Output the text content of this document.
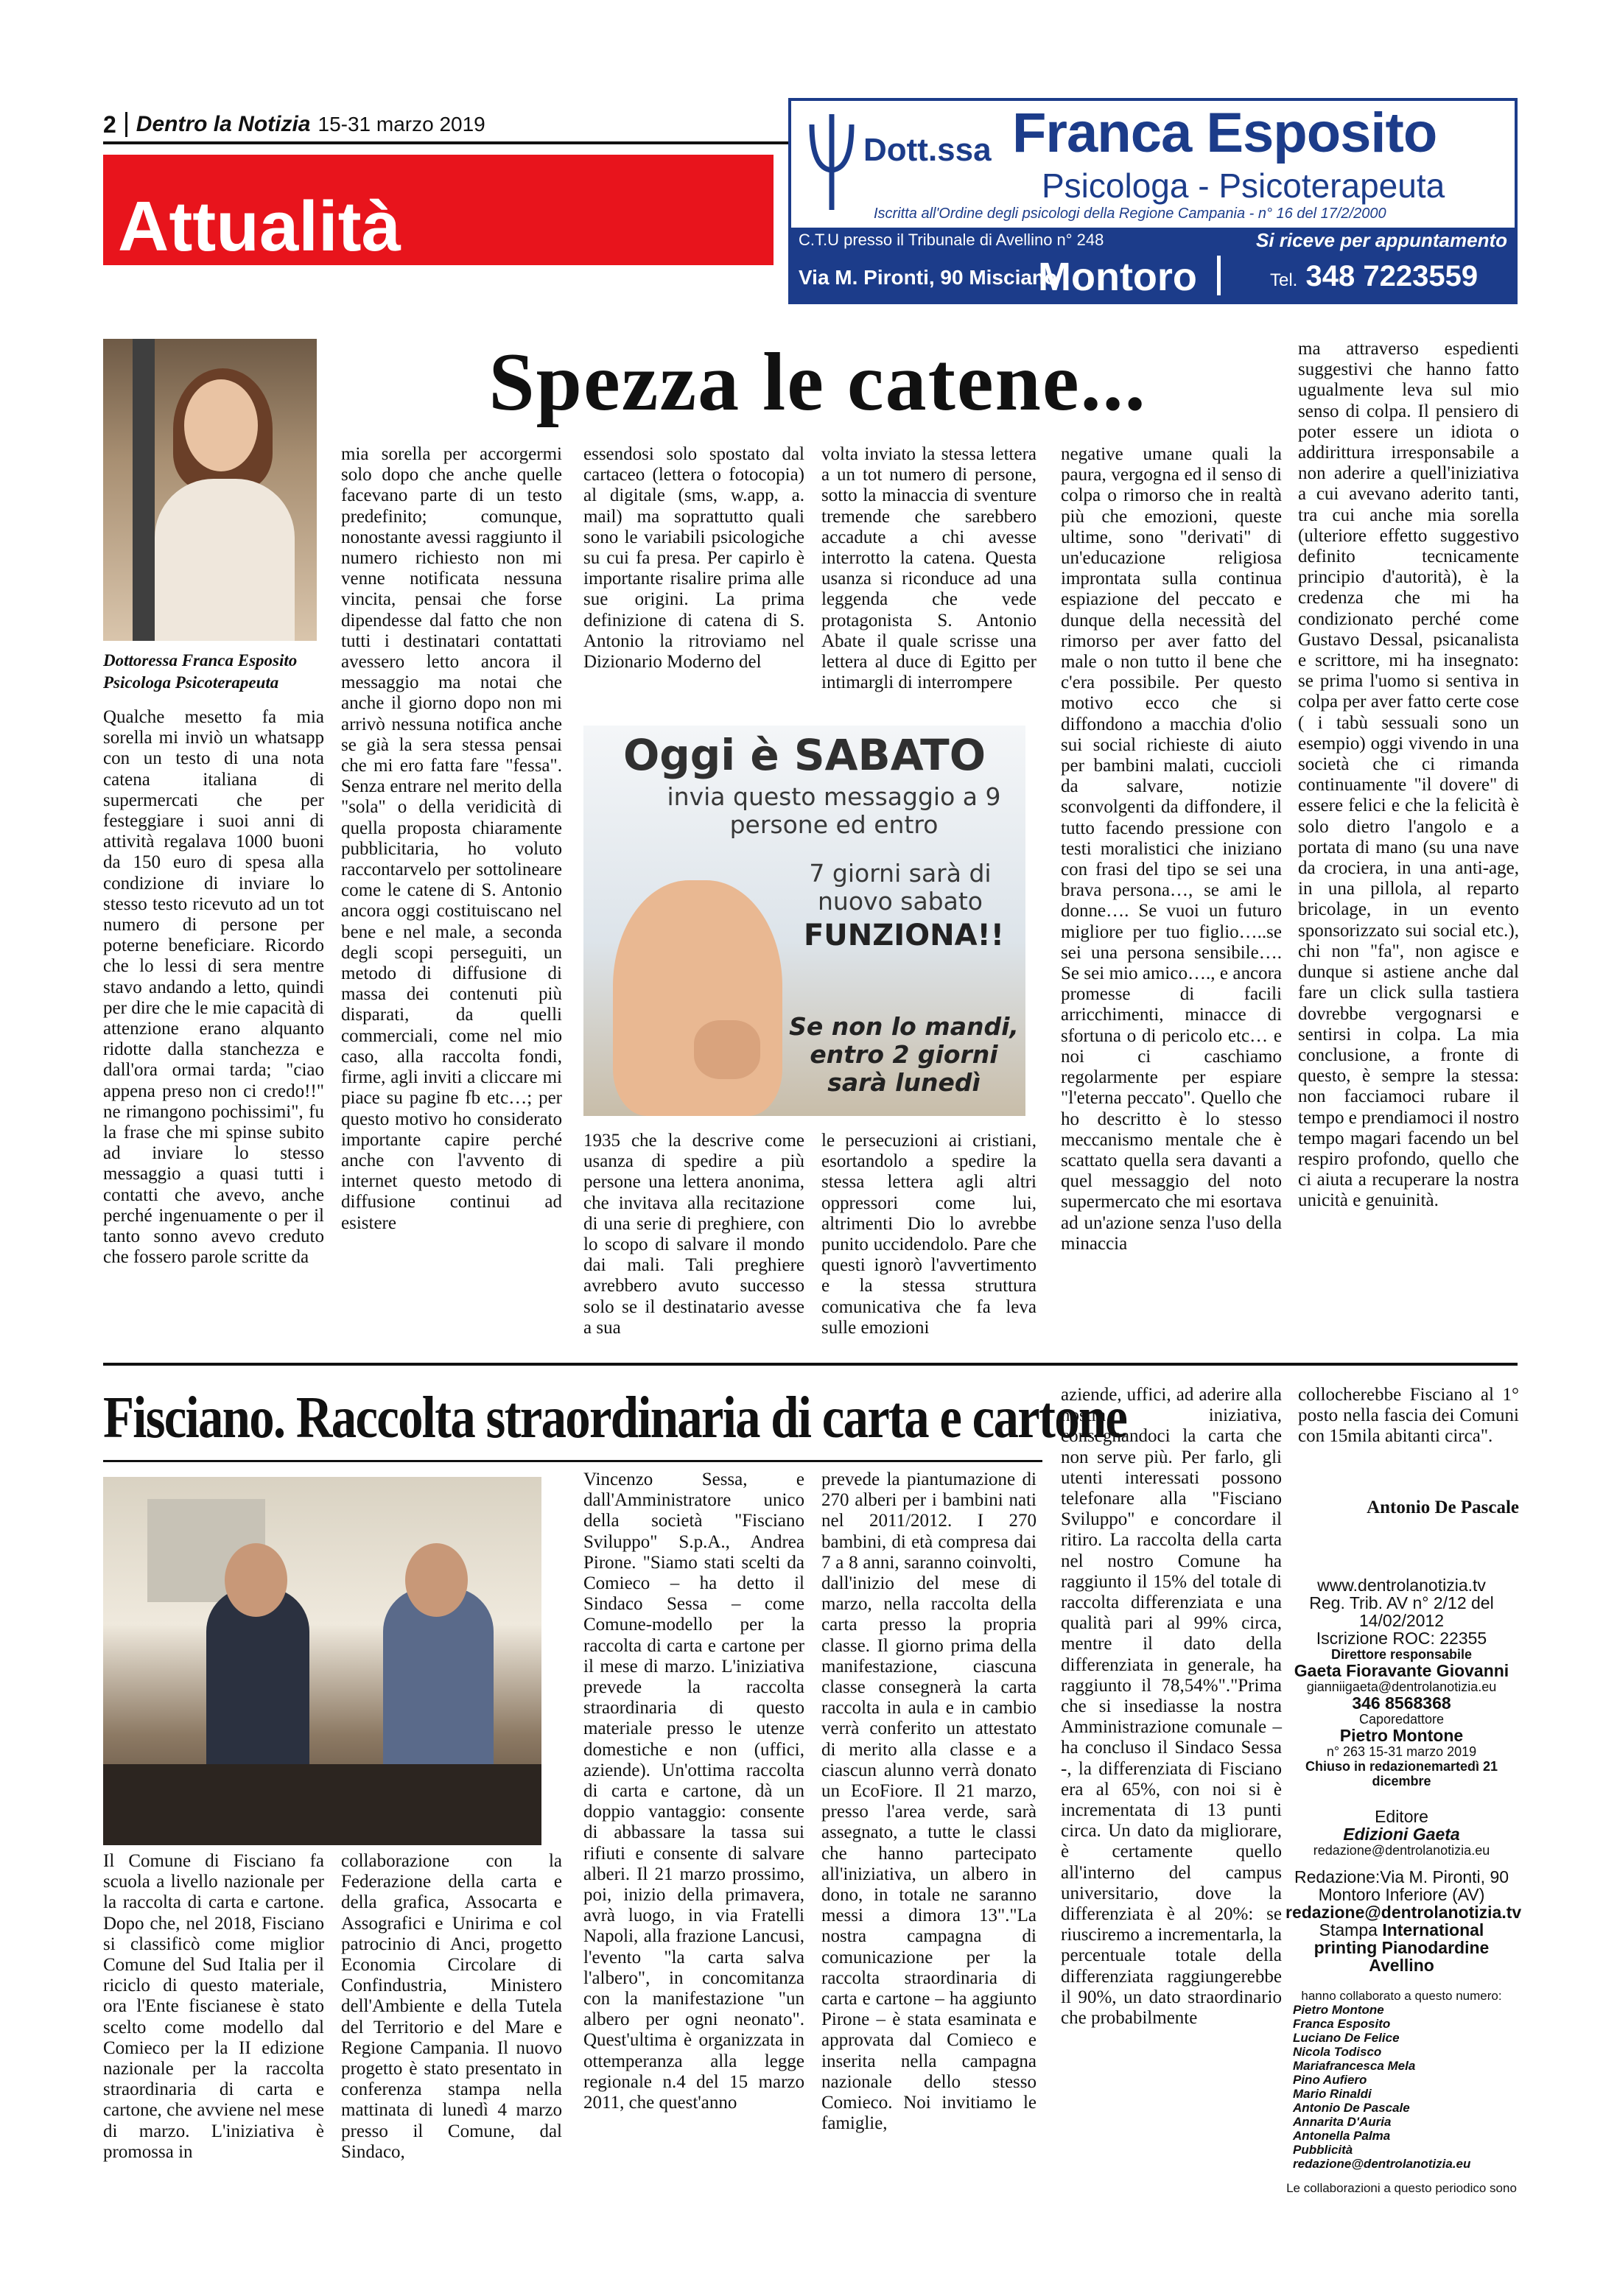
2 Dentro la Notizia 15-31 marzo 2019
Attualità
Dott.ssa Franca Esposito
Psicologa - Psicoterapeuta
Iscritta all'Ordine degli psicologi della Regione Campania - n° 16 del 17/2/2000
C.T.U presso il Tribunale di Avellino n° 248	Si riceve per appuntamento
Via M. Pironti, 90 Misciano
Montoro	Tel. 348 7223559
Dottoressa Franca Esposito
Psicologa Psicoterapeuta
Spezza le catene...
Qualche mesetto fa mia sorella mi inviò un whatsapp con un testo di una nota catena italiana di supermercati che per festeggiare i suoi anni di attività regalava 1000 buoni da 150 euro di spesa alla condizione di inviare lo stesso testo ricevuto ad un tot numero di persone per poterne beneficiare. Ricordo che lo lessi di sera mentre stavo andando a letto, quindi per dire che le mie capacità di attenzione erano alquanto ridotte dalla stanchezza e dall'ora ormai tarda; "ciao appena preso non ci credo!!" ne rimangono pochissimi", fu la frase che mi spinse subito ad inviare lo stesso messaggio a quasi tutti i contatti che avevo, anche perché ingenuamente o per il tanto sonno avevo creduto che fossero parole scritte da
mia sorella per accorgermi solo dopo che anche quelle facevano parte di un testo predefinito; comunque, nonostante avessi raggiunto il numero richiesto non mi venne notificata nessuna vincita, pensai che forse dipendesse dal fatto che non tutti i destinatari contattati avessero letto ancora il messaggio ma notai che anche il giorno dopo non mi arrivò nessuna notifica anche se già la sera stessa pensai che mi ero fatta fare "fessa". Senza entrare nel merito della "sola" o della veridicità di quella proposta chiaramente pubblicitaria, ho voluto raccontarvelo per sottolineare come le catene di S. Antonio ancora oggi costituiscano nel bene e nel male, a seconda degli scopi perseguiti, un metodo di diffusione di massa dei contenuti più disparati, da quelli commerciali, come nel mio caso, alla raccolta fondi, firme, agli inviti a cliccare mi piace su pagine fb etc…; per questo motivo ho considerato importante capire perché anche con l'avvento di internet questo metodo di diffusione continui ad esistere
essendosi solo spostato dal cartaceo (lettera o fotocopia) al digitale (sms, w.app, a. mail) ma soprattutto quali sono le variabili psicologiche su cui fa presa. Per capirlo è importante risalire prima alle sue origini. La prima definizione di catena di S. Antonio la ritroviamo nel Dizionario Moderno del
volta inviato la stessa lettera a un tot numero di persone, sotto la minaccia di sventure tremende che sarebbero accadute a chi avesse interrotto la catena. Questa usanza si riconduce ad una leggenda che vede protagonista S. Antonio Abate il quale scrisse una lettera al duce di Egitto per intimargli di interrompere
Oggi è SABATO
invia questo messaggio a 9 persone ed entro
7 giorni sarà di nuovo sabato
FUNZIONA!!
Se non lo mandi, entro 2 giorni sarà lunedì
1935 che la descrive come usanza di spedire a più persone una lettera anonima, che invitava alla recitazione di una serie di preghiere, con lo scopo di salvare il mondo dai mali. Tali preghiere avrebbero avuto successo solo se il destinatario avesse a sua
le persecuzioni ai cristiani, esortandolo a spedire la stessa lettera agli altri oppressori come lui, altrimenti Dio lo avrebbe punito uccidendolo. Pare che questi ignorò l'avvertimento e la stessa struttura comunicativa che fa leva sulle emozioni
negative umane quali la paura, vergogna ed il senso di colpa o rimorso che in realtà più che emozioni, queste ultime, sono "derivati" di un'educazione religiosa improntata sulla continua espiazione del peccato e dunque della necessità del rimorso per aver fatto del male o non tutto il bene che c'era possibile. Per questo motivo ecco che si diffondono a macchia d'olio sui social richieste di aiuto per bambini malati, cuccioli da salvare, notizie sconvolgenti da diffondere, il tutto facendo pressione con testi moralistici che iniziano con frasi del tipo se sei una brava persona…, se ami le donne…. Se vuoi un futuro migliore per tuo figlio…..se sei una persona sensibile…. Se sei mio amico…., e ancora promesse di facili arricchimenti, minacce di sfortuna o di pericolo etc… e noi ci caschiamo regolarmente per espiare "l'eterna peccato". Quello che ho descritto è lo stesso meccanismo mentale che è scattato quella sera davanti a quel messaggio del noto supermercato che mi esortava ad un'azione senza l'uso della minaccia
ma attraverso espedienti suggestivi che hanno fatto ugualmente leva sul mio senso di colpa. Il pensiero di poter essere un idiota o addirittura irresponsabile a non aderire a quell'iniziativa a cui avevano aderito tanti, tra cui anche mia sorella (ulteriore effetto suggestivo definito tecnicamente principio d'autorità), è la credenza che mi ha condizionato perché come Gustavo Dessal, psicanalista e scrittore, mi ha insegnato: se prima l'uomo si sentiva in colpa per aver fatto certe cose ( i tabù sessuali sono un esempio) oggi vivendo in una società che ci rimanda continuamente "il dovere" di essere felici e che la felicità è solo dietro l'angolo e a portata di mano (su una nave da crociera, in una anti-age, in una pillola, al reparto bricolage, in un evento sponsorizzato sui social etc.), chi non "fa", non agisce e dunque si astiene anche dal fare un click sulla tastiera dovrebbe vergognarsi e sentirsi in colpa. La mia conclusione, a fronte di questo, è sempre la stessa: non facciamoci rubare il tempo e prendiamoci il nostro tempo magari facendo un bel respiro profondo, quello che ci aiuta a recuperare la nostra unicità e genuinità.
Fisciano. Raccolta straordinaria di carta e cartone
Il Comune di Fisciano fa scuola a livello nazionale per la raccolta di carta e cartone. Dopo che, nel 2018, Fisciano si classificò come miglior Comune del Sud Italia per il riciclo di questo materiale, ora l'Ente fiscianese è stato scelto come modello dal Comieco per la II edizione nazionale per la raccolta straordinaria di carta e cartone, che avviene nel mese di marzo. L'iniziativa è promossa in
collaborazione con la Federazione della carta e della grafica, Assocarta e Assografici e Unirima e col patrocinio di Anci, progetto Economia Circolare di Confindustria, Ministero dell'Ambiente e della Tutela del Territorio e del Mare e Regione Campania. Il nuovo progetto è stato presentato in conferenza stampa nella mattinata di lunedì 4 marzo presso il Comune, dal Sindaco,
Vincenzo Sessa, e dall'Amministratore unico della società "Fisciano Sviluppo" S.p.A., Andrea Pirone. "Siamo stati scelti da Comieco – ha detto il Sindaco Sessa – come Comune-modello per la raccolta di carta e cartone per il mese di marzo. L'iniziativa prevede la raccolta straordinaria di questo materiale presso le utenze domestiche e non (uffici, aziende). Un'ottima raccolta di carta e cartone, dà un doppio vantaggio: consente di abbassare la tassa sui rifiuti e consente di salvare alberi. Il 21 marzo prossimo, poi, inizio della primavera, avrà luogo, in via Fratelli Napoli, alla frazione Lancusi, l'evento "la carta salva l'albero", in concomitanza con la manifestazione "un albero per ogni neonato". Quest'ultima è organizzata in ottemperanza alla legge regionale n.4 del 15 marzo 2011, che quest'anno
prevede la piantumazione di 270 alberi per i bambini nati nel 2011/2012. I 270 bambini, di età compresa dai 7 a 8 anni, saranno coinvolti, dall'inizio del mese di marzo, nella raccolta della carta presso la propria classe. Il giorno prima della manifestazione, ciascuna classe consegnerà la carta raccolta in aula e in cambio verrà conferito un attestato di merito alla classe e a ciascun alunno verrà donato un EcoFiore. Il 21 marzo, presso l'area verde, sarà assegnato, a tutte le classi che hanno partecipato all'iniziativa, un albero in dono, in totale ne saranno messi a dimora 13"."La nostra campagna di comunicazione per la raccolta straordinaria di carta e cartone – ha aggiunto Pirone – è stata esaminata e approvata dal Comieco e inserita nella campagna nazionale dello stesso Comieco. Noi invitiamo le famiglie,
aziende, uffici, ad aderire alla nostra iniziativa, consegnandoci la carta che non serve più. Per farlo, gli utenti interessati possono telefonare alla "Fisciano Sviluppo" e concordare il ritiro. La raccolta della carta nel nostro Comune ha raggiunto il 15% del totale di raccolta differenziata e una qualità pari al 99% circa, mentre il dato della differenziata in generale, ha raggiunto il 78,54%"."Prima che si insediasse la nostra Amministrazione comunale – ha concluso il Sindaco Sessa -, la differenziata di Fisciano era al 65%, con noi si è incrementata di 13 punti circa. Un dato da migliorare, è certamente quello all'interno del campus universitario, dove la differenziata è al 20%: se riusciremo a incrementarla, la percentuale totale della differenziata raggiungerebbe il 90%, un dato straordinario che probabilmente
collocherebbe Fisciano al 1° posto nella fascia dei Comuni con 15mila abitanti circa".
Antonio De Pascale
www.dentrolanotizia.tv
Reg. Trib. AV n° 2/12 del 14/02/2012
Iscrizione ROC: 22355
Direttore responsabile
Gaeta Fioravante Giovanni
gianniigaeta@dentrolanotizia.eu
346 8568368
Caporedattore
Pietro Montone
n° 263 15-31 marzo 2019
Chiuso in redazionemartedì 21 dicembre
Editore
Edizioni Gaeta
redazione@dentrolanotizia.eu
Redazione:Via M. Pironti, 90 Montoro Inferiore (AV)
redazione@dentrolanotizia.tv
Stampa International printing Pianodardine Avellino
hanno collaborato a questo numero:
Pietro Montone
Franca Esposito
Luciano De Felice
Nicola Todisco
Mariafrancesca Mela
Pino Aufiero
Mario Rinaldi
Antonio De Pascale
Annarita D'Auria
Antonella Palma
Pubblicità redazione@dentrolanotizia.eu
Le collaborazioni a questo periodico sono
